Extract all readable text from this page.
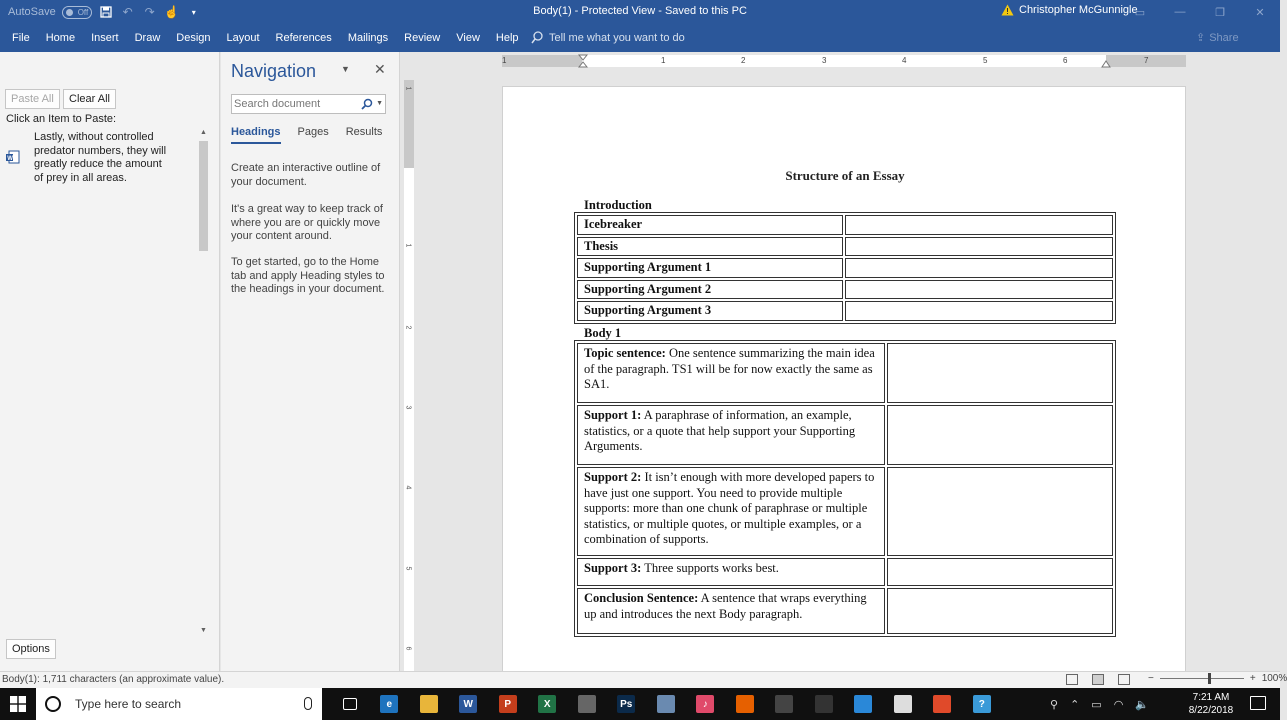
AutoSave	Off	↶ ↷ ☝	▾	Body(1) - Protected View - Saved to this PC	Christopher McGunnigle
▭	—	❐	✕
File	Home	Insert	Draw	Design	Layout	References	Mailings	Review	View	Help	Tell me what you want to do	⇪ Share
Paste All	Clear All
Click an Item to Paste:
W
Lastly, without controlled predator numbers, they will greatly reduce the amount of prey in all areas.
▲
▼
Options
Navigation	▼ ✕
Search document	▼
Headings Pages Results
Create an interactive outline of your document.
It's a great way to keep track of where you are or quickly move your content around.
To get started, go to the Home tab and apply Heading styles to the headings in your document.
1
1
2
3
4
5
6
1	1	2	3	4	5	6	7
Structure of an Essay
Introduction
Icebreaker	
Thesis	
Supporting Argument 1	
Supporting Argument 2	
Supporting Argument 3	
Body 1
Topic sentence: One sentence summarizing the main idea of the paragraph. TS1 will be for now exactly the same as SA1.	
Support 1: A paraphrase of information, an example, statistics, or a quote that help support your Supporting Arguments.	
Support 2: It isn’t enough with more developed papers to have just one support. You need to provide multiple supports: more than one chunk of paraphrase or multiple statistics, or multiple quotes, or multiple examples, or a combination of supports.	
Support 3: Three supports works best.	
Conclusion Sentence: A sentence that wraps everything up and introduces the next Body paragraph.	
Body(1): 1,711 characters (an approximate value).	−	+ 100%
Type here to search	e	W	P	X	Ps	♪	?	⚲ ⌃ ▭ ◠ 🔈
7:21 AM
8/22/2018
